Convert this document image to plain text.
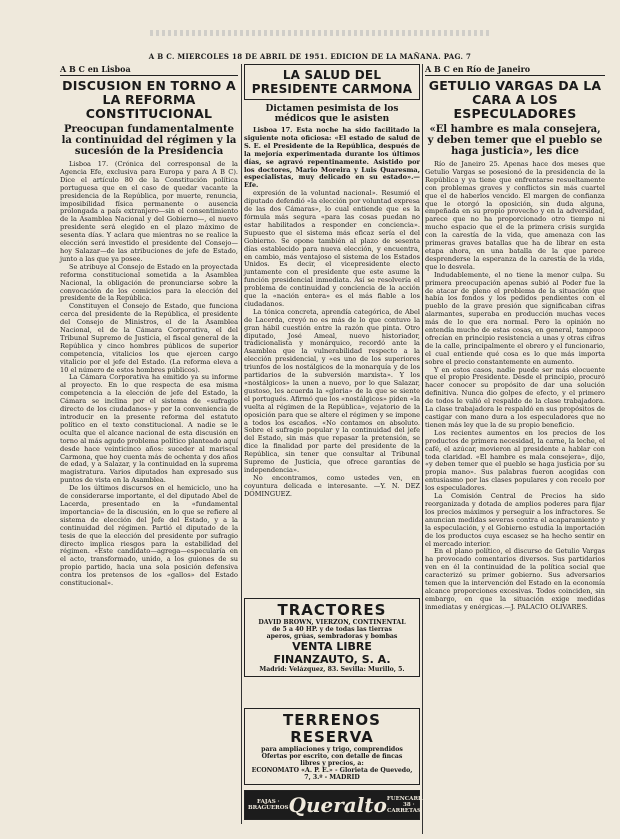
A B C. MIERCOLES 18 DE ABRIL DE 1951. EDICION DE LA MAÑANA. PAG. 7
A B C en Lisboa
DISCUSION EN TORNO A LA REFORMA CONSTITUCIONAL
Preocupan fundamentalmente la continuidad del régimen y la sucesión de la Presidencia

Lisboa 17. (Crónica del corresponsal de la Agencia Efe, exclusiva para Europa y para A B C). Dice el artículo 80 de la Constitución política portuguesa que en el caso de quedar vacante la presidencia de la República, por muerte, renuncia, imposibilidad física permanente o ausencia prolongada a país extranjero—sin el consentimiento de la Asamblea Nacional y del Gobierno—, el nuevo presidente será elegido en el plazo máximo de sesenta días. Y aclara que mientras no se realice la elección será investido el presidente del Consejo—hoy Salazar—de las atribuciones de jefe de Estado, junto a las que ya posee.

Se atribuye al Consejo de Estado en la proyectada reforma constitucional sometida a la Asamblea Nacional, la obligación de pronunciarse sobre la convocación de los comicios para la elección del presidente de la República.

Constituyen el Consejo de Estado, que funciona cerca del presidente de la República, el presidente del Consejo de Ministros, el de la Asamblea Nacional, el de la Cámara Corporativa, el del Tribunal Supremo de Justicia, el fiscal general de la República y cinco hombres públicos de superior competencia, vitalicios los que ejercen cargo vitalicio por el jefe del Estado. (La reforma eleva a 10 el número de estos hombres públicos).

La Cámara Corporativa ha emitido ya su informe al proyecto. En lo que respecta de esa misma competencia a la elección de jefe del Estado, la Cámara se inclina por el sistema de «sufragio directo de los ciudadanos» y por la conveniencia de introducir en la presente reforma del estatuto político en el texto constitucional. A nadie se le oculta que el alcance nacional de esta discusión en torno al más agudo problema político planteado aquí desde hace veinticinco años: suceder al mariscal Carmona, que hoy cuenta más de ochenta y dos años de edad, y a Salazar, y la continuidad en la suprema magistratura. Varios diputados han expresado sus puntos de vista en la Asamblea.

De los últimos discursos en el hemiciclo, uno ha de considerarse importante, el del diputado Abel de Lacerda, presentado en la «fundamental importancia» de la discusión, en lo que se refiere al sistema de elección del Jefe del Estado, y a la continuidad del régimen. Partió el diputado de la tesis de que la elección del presidente por sufragio directo implica riesgos para la estabilidad del régimen. «Este candidato—agrega—especularía en el acto, transformado, unido, a los guiones de su propio partido, hacia una sola posición defensiva contra los pretensos de los «gallos» del Estado constitucional».

LA SALUD DEL PRESIDENTE CARMONA
Dictamen pesimista de los médicos que le asisten

Lisboa 17. Esta noche ha sido facilitado la siguiente nota oficiosa: «El estado de salud de S. E. el Presidente de la República, después de la mejoría experimentada durante los últimos días, se agravó repentinamente. Asistido por los doctores, Mario Moreira y Luis Quaresma, especialistas, muy delicado en su estado».—Efe.

expresión de la voluntad nacional». Resumió el diputado defendió «la elección por voluntad expresa de las dos Cámaras», lo cual entiende que es la fórmula más segura «para las cosas puedan no estar habilitados a responder en conciencia». Supuesto que el sistema más eficaz sería el del Gobierno. Se opone también al plazo de sesenta días establecido para nueva elección, y encuentra, en cambio, más ventajoso el sistema de los Estados Unidos. Es decir, el vicepresidente electo juntamente con el presidente que este asume la función presidencial inmediata. Así se resolvería el problema de continuidad y conciencia de la acción que la «nación entera» es el más fiable a los ciudadanos.

La tónica concreta, aprendía categórica, de Abel de Lacerda, creyó no es más de lo que contuvo la gran hábil cuestión entre la razón que pinta. Otro diputado, José Ameal, nuevo historiador, tradicionalista y monárquico, recordó ante la Asamblea que la vulnerabilidad respecto a la elección presidencial, y «es uno de los superiores triunfos de los nostálgicos de la monarquía y de los partidarios de la subversión marxista». Y los «nostálgicos» la unen a nuevo, por lo que Salazar, gustoso, les acuerda la «gloria» de la que se siente el portugués. Afirmó que los «nostálgicos» piden «la vuelta al régimen de la República», vejatorio de la oposición para que se altere el régimen y se impone a todos los escaños. «No contamos en absoluto. Sobre el sufragio popular y la continuidad del jefe del Estado, sin más que repasar la pretensión, se dice la finalidad por parte del presidente de la República, sin tener que consultar al Tribunal Supremo de Justicia, que ofrece garantías de independencia».

No encontramos, como ustedes ven, en coyuntura delicada e interesante. —Y. N. DEZ DOMINGUEZ.

TRACTORES
DAVID BROWN, VIERZON, CONTINENTAL
de 5 a 40 HP. y de todas las tierras
aperos, grúas, sembradoras y bombas
VENTA LIBRE
FINANZAUTO, S. A.
Madrid: Velázquez, 83. Sevilla: Murillo, 5.
TERRENOS RESERVA
para ampliaciones y trigo, comprendidos
Ofertas por escrito, con detalle de fincas
libres y precios, a:
ECONOMATO «A. P. E.» - Glorieta de Quevedo, 7, 3.º - MADRID
FAJAS · BRAGUEROS Queralto FUENCARRAL 38 · CARRETAS 26
A B C en Río de Janeiro
GETULIO VARGAS DA LA CARA A LOS ESPECULADORES
«El hambre es mala consejera, y deben temer que el pueblo se haga justicia», les dice

Río de Janeiro 25. Apenas hace dos meses que Getulio Vargas se posesionó de la presidencia de la República y ya tiene que enfrentarse resueltamente con problemas graves y conflictos sin más cuartel que el de haberlos vencido. El margen de confianza que le otorgó la oposición, sin duda alguna, empeñada en su propio provecho y en la adversidad, parece que no ha proporcionado otro tiempo ni mucho espacio que el de la primera crisis surgida con la carestía de la vida, que amenaza con las primeras graves batallas que ha de librar en esta etapa ahora, en una batalla de la que parece desprenderse la esperanza de la carestía de la vida, que lo desvela.

Indudablemente, el no tiene la menor culpa. Su primera preocupación apenas subió al Poder fue la de atacar de pleno el problema de la situación que había los fondos y los pedidos pendientes con el pueblo de la grave presión que significaban cifras alarmantes, superaba en producción muchas veces más de lo que era normal. Pero la opinión no entendía mucho de estas cosas, en general, tampoco ofrecían en principio resistencia a unas y otras cifras de la calle, principalmente el obrero y el funcionario, el cual entiende qué cosa es lo que más importa sobre el precio constantemente en aumento.

Y en estos casos, nadie puede ser más elocuente que el propio Presidente. Desde el principio, procuró hacer conocer su propósito de dar una solución definitiva. Nunca dio golpes de efecto, y el primero de todos le valió el respaldo de la clase trabajadora. La clase trabajadora le respaldó en sus propósitos de castigar con mano dura a los especuladores que no tienen más ley que la de su propio beneficio.

Los recientes aumentos en los precios de los productos de primera necesidad, la carne, la leche, el café, el azúcar, movieron al presidente a hablar con toda claridad. «El hambre es mala consejera», dijo, «y deben temer que el pueblo se haga justicia por su propia mano». Sus palabras fueron acogidas con entusiasmo por las clases populares y con recelo por los especuladores.

La Comisión Central de Precios ha sido reorganizada y dotada de amplios poderes para fijar los precios máximos y perseguir a los infractores. Se anuncian medidas severas contra el acaparamiento y la especulación, y el Gobierno estudia la importación de los productos cuya escasez se ha hecho sentir en el mercado interior.

En el plano político, el discurso de Getulio Vargas ha provocado comentarios diversos. Sus partidarios ven en él la continuidad de la política social que caracterizó su primer gobierno. Sus adversarios temen que la intervención del Estado en la economía alcance proporciones excesivas. Todos coinciden, sin embargo, en que la situación exige medidas inmediatas y enérgicas.—J. PALACIO OLIVARES.
